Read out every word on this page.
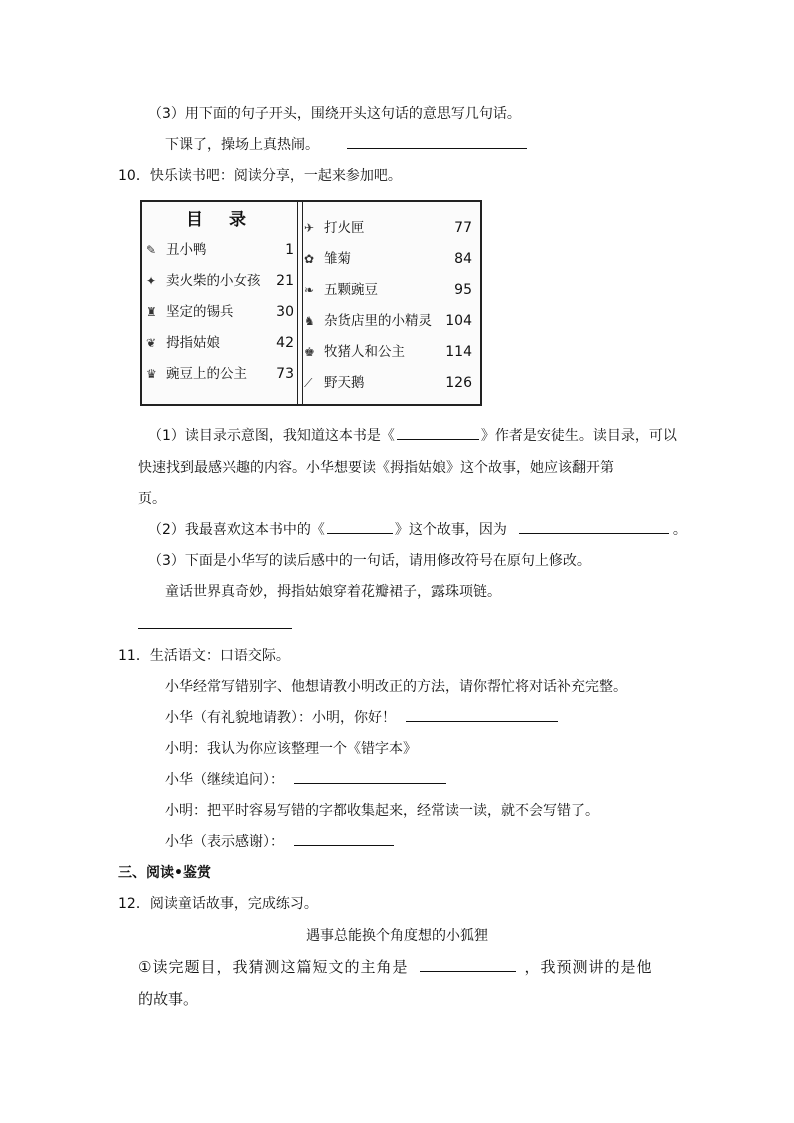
（3）用下面的句子开头，围绕开头这句话的意思写几句话。
下课了，操场上真热闹。
10．快乐读书吧：阅读分享，一起来参加吧。
目 录
✎ 丑小鸭	1
✦ 卖火柴的小女孩 21
♜ 坚定的锡兵	30
❦ 拇指姑娘	42
♛ 豌豆上的公主 73
✈ 打火匣	77
✿ 雏菊	84
❧ 五颗豌豆	95
♞ 杂货店里的小精灵 104
♚ 牧猪人和公主	114
⟋ 野天鹅	126
（1）读目录示意图，我知道这本书是《	》作者是安徒生。读目录，可以
快速找到最感兴趣的内容。小华想要读《拇指姑娘》这个故事，她应该翻开第
页。
（2）我最喜欢这本书中的《	》这个故事，因为	。
（3）下面是小华写的读后感中的一句话，请用修改符号在原句上修改。
童话世界真奇妙，拇指姑娘穿着花瓣裙子，露珠项链。
11．生活语文：口语交际。
小华经常写错别字、他想请教小明改正的方法，请你帮忙将对话补充完整。
小华（有礼貌地请教）：小明，你好！
小明：我认为你应该整理一个《错字本》
小华（继续追问）：
小明：把平时容易写错的字都收集起来，经常读一读，就不会写错了。
小华（表示感谢）：
三、阅读•鉴赏
12．阅读童话故事，完成练习。
遇事总能换个角度想的小狐狸
①读完题目，我猜测这篇短文的主角是	，我预测讲的是他
的故事。
